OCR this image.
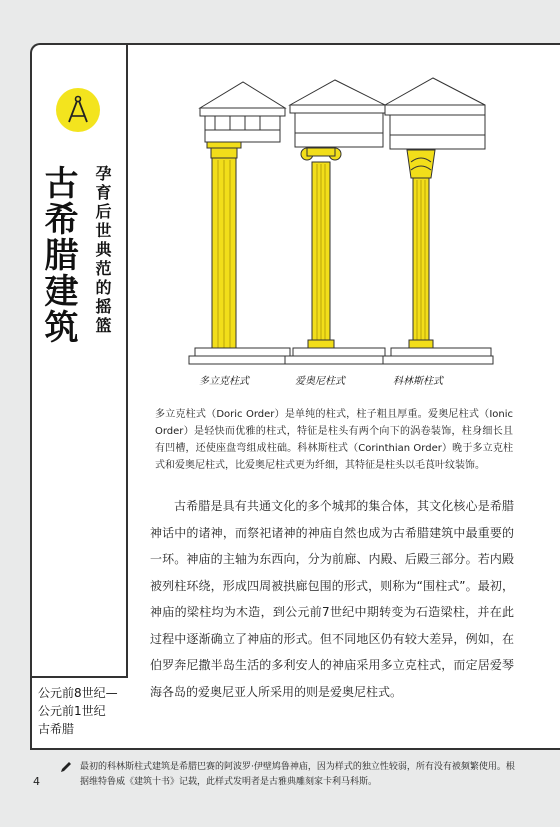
古希腊建筑 孕育后世典范的摇篮
公元前8世纪—
公元前1世纪
古希腊
多立克柱式	爱奥尼柱式	科林斯柱式
多立克柱式（Doric Order）是单纯的柱式，柱子粗且厚重。爱奥尼柱式（Ionic Order）是轻快而优雅的柱式，特征是柱头有两个向下的涡卷装饰，柱身细长且有凹槽，还使座盘弯组成柱础。科林斯柱式（Corinthian Order）晚于多立克柱式和爱奥尼柱式，比爱奥尼柱式更为纤细，其特征是柱头以毛茛叶纹装饰。
古希腊是具有共通文化的多个城邦的集合体，其文化核心是希腊神话中的诸神，而祭祀诸神的神庙自然也成为古希腊建筑中最重要的一环。神庙的主轴为东西向，分为前廊、内殿、后殿三部分。若内殿被列柱环绕，形成四周被拱廊包围的形式，则称为“围柱式”。最初，神庙的梁柱均为木造，到公元前7世纪中期转变为石造梁柱，并在此过程中逐渐确立了神庙的形式。但不同地区仍有较大差异，例如，在伯罗奔尼撒半岛生活的多利安人的神庙采用多立克柱式，而定居爱琴海各岛的爱奥尼亚人所采用的则是爱奥尼柱式。

最初的科林斯柱式建筑是希腊巴赛的阿波罗·伊壁鸠鲁神庙，因为样式的独立性较弱，所有没有被频繁使用。根据维特鲁威《建筑十书》记载，此样式发明者是古雅典雕刻家卡利马科斯。

4
